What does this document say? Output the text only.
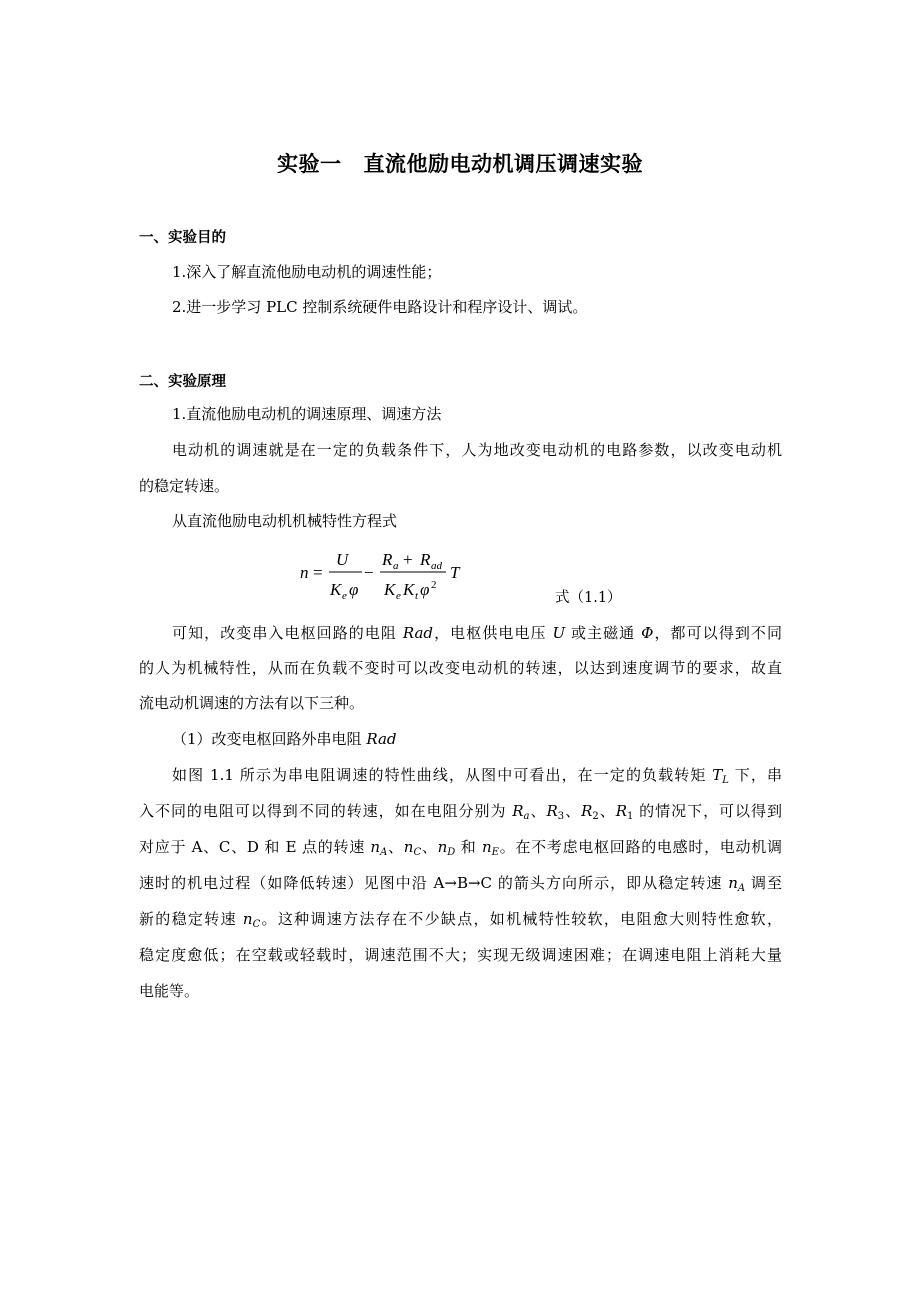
实验一 直流他励电动机调压调速实验
一、实验目的
1.深入了解直流他励电动机的调速性能；
2.进一步学习 PLC 控制系统硬件电路设计和程序设计、调试。
二、实验原理
1.直流他励电动机的调速原理、调速方法
电动机的调速就是在一定的负载条件下，人为地改变电动机的电路参数，以改变电动机
的稳定转速。
从直流他励电动机机械特性方程式
n =
U
K e φ
−
R a + R ad
K e K t φ 2
T
式（1.1）
可知，改变串入电枢回路的电阻 Rad，电枢供电电压 U 或主磁通 Φ，都可以得到不同
的人为机械特性，从而在负载不变时可以改变电动机的转速，以达到速度调节的要求，故直
流电动机调速的方法有以下三种。
（1）改变电枢回路外串电阻 Rad
如图 1.1 所示为串电阻调速的特性曲线，从图中可看出，在一定的负载转矩 $T_L$ 下，串
入不同的电阻可以得到不同的转速，如在电阻分别为 $R_a$、$R_3$、$R_2$、$R_1$ 的情况下，可以得到
对应于 A、C、D 和 E 点的转速 $n_A$、$n_C$、$n_D$ 和 $n_E$。在不考虑电枢回路的电感时，电动机调
速时的机电过程（如降低转速）见图中沿 A→B→C 的箭头方向所示，即从稳定转速 $n_A$ 调至
新的稳定转速 $n_C$。这种调速方法存在不少缺点，如机械特性较软，电阻愈大则特性愈软，
稳定度愈低；在空载或轻载时，调速范围不大；实现无级调速困难；在调速电阻上消耗大量
电能等。
